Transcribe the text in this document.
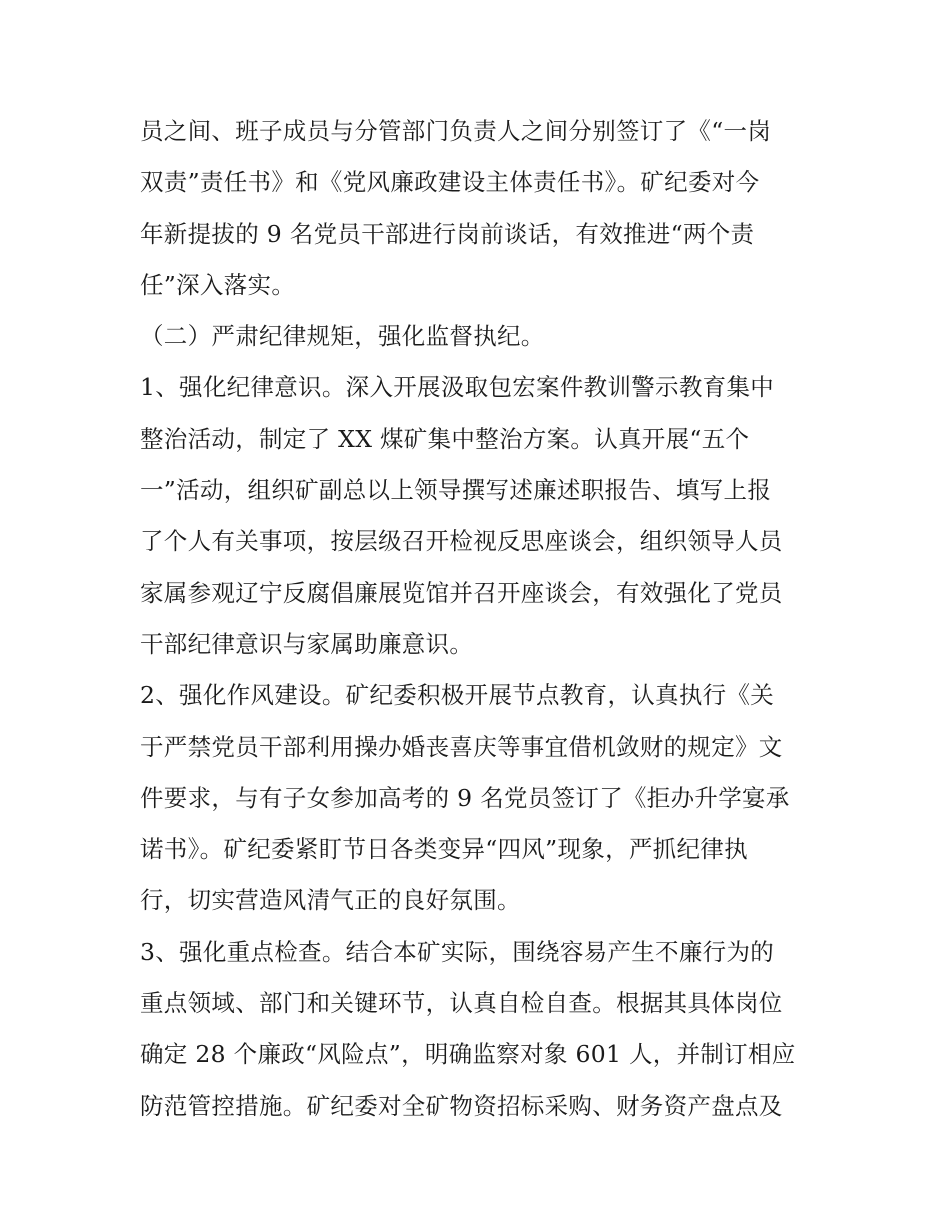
员之间、班子成员与分管部门负责人之间分别签订了《“一岗
双责”责任书》和《党风廉政建设主体责任书》。矿纪委对今
年新提拔的 9 名党员干部进行岗前谈话，有效推进“两个责
任”深入落实。
（二）严肃纪律规矩，强化监督执纪。
1、强化纪律意识。深入开展汲取包宏案件教训警示教育集中
整治活动，制定了 XX 煤矿集中整治方案。认真开展“五个
一”活动，组织矿副总以上领导撰写述廉述职报告、填写上报
了个人有关事项，按层级召开检视反思座谈会，组织领导人员
家属参观辽宁反腐倡廉展览馆并召开座谈会，有效强化了党员
干部纪律意识与家属助廉意识。
2、强化作风建设。矿纪委积极开展节点教育，认真执行《关
于严禁党员干部利用操办婚丧喜庆等事宜借机敛财的规定》文
件要求，与有子女参加高考的 9 名党员签订了《拒办升学宴承
诺书》。矿纪委紧盯节日各类变异“四风”现象，严抓纪律执
行，切实营造风清气正的良好氛围。
3、强化重点检查。结合本矿实际，围绕容易产生不廉行为的
重点领域、部门和关键环节，认真自检自查。根据其具体岗位
确定 28 个廉政“风险点”，明确监察对象 601 人，并制订相应
防范管控措施。矿纪委对全矿物资招标采购、财务资产盘点及
